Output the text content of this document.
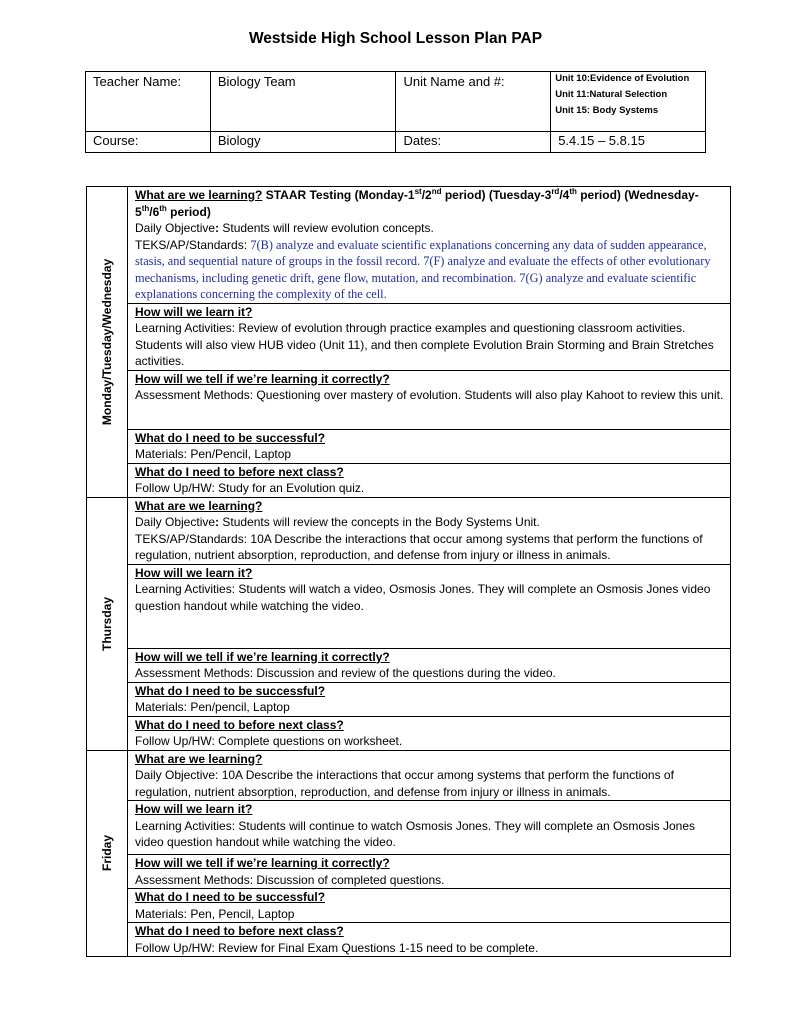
Westside High School Lesson Plan PAP
Teacher Name:	Biology Team	Unit Name and #:	Unit 10:Evidence of Evolution
Unit 11:Natural Selection
Unit 15: Body Systems

Course:	Biology	Dates:	5.4.15 – 5.8.15
Monday/Tuesday/Wednesday	What are we learning? STAAR Testing (Monday-1st/2nd period) (Tuesday-3rd/4th period) (Wednesday-5th/6th period)
Daily Objective: Students will review evolution concepts.
TEKS/AP/Standards: 7(B) analyze and evaluate scientific explanations concerning any data of sudden appearance, stasis, and sequential nature of groups in the fossil record. 7(F) analyze and evaluate the effects of other evolutionary mechanisms, including genetic drift, gene flow, mutation, and recombination. 7(G) analyze and evaluate scientific explanations concerning the complexity of the cell.

	How will we learn it?
Learning Activities: Review of evolution through practice examples and questioning classroom activities. Students will also view HUB video (Unit 11), and then complete Evolution Brain Storming and Brain Stretches activities.

	How will we tell if we’re learning it correctly?
Assessment Methods: Questioning over mastery of evolution. Students will also play Kahoot to review this unit.

	What do I need to be successful?
Materials: Pen/Pencil, Laptop

	What do I need to before next class?
Follow Up/HW: Study for an Evolution quiz.

Thursday	What are we learning?
Daily Objective: Students will review the concepts in the Body Systems Unit.
TEKS/AP/Standards: 10A Describe the interactions that occur among systems that perform the functions of regulation, nutrient absorption, reproduction, and defense from injury or illness in animals.

	How will we learn it?
Learning Activities: Students will watch a video, Osmosis Jones. They will complete an Osmosis Jones video question handout while watching the video.

	How will we tell if we’re learning it correctly?
Assessment Methods: Discussion and review of the questions during the video.

	What do I need to be successful?
Materials: Pen/pencil, Laptop

	What do I need to before next class?
Follow Up/HW: Complete questions on worksheet.

Friday	What are we learning?
Daily Objective: 10A Describe the interactions that occur among systems that perform the functions of regulation, nutrient absorption, reproduction, and defense from injury or illness in animals.

	How will we learn it?
Learning Activities: Students will continue to watch Osmosis Jones. They will complete an Osmosis Jones video question handout while watching the video.

	How will we tell if we’re learning it correctly?
Assessment Methods: Discussion of completed questions.

	What do I need to be successful?
Materials: Pen, Pencil, Laptop

	What do I need to before next class?
Follow Up/HW: Review for Final Exam Questions 1-15 need to be complete.
